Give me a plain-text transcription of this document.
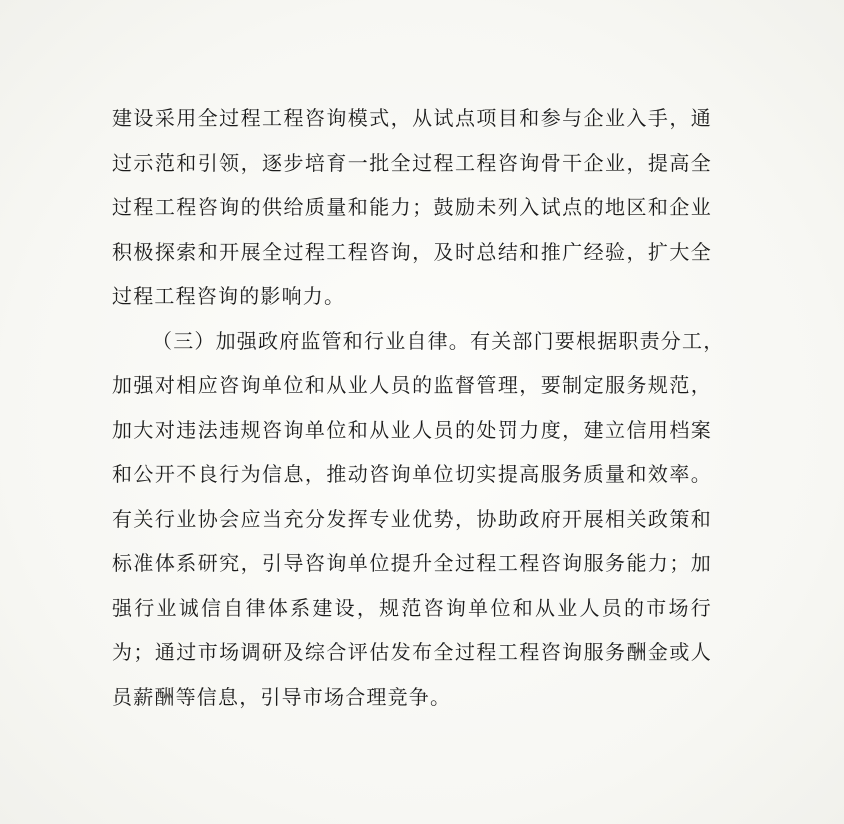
建设采用全过程工程咨询模式，从试点项目和参与企业入手，通
过示范和引领，逐步培育一批全过程工程咨询骨干企业，提高全
过程工程咨询的供给质量和能力；鼓励未列入试点的地区和企业
积极探索和开展全过程工程咨询，及时总结和推广经验，扩大全
过程工程咨询的影响力。
（三）加强政府监管和行业自律。有关部门要根据职责分工，
加强对相应咨询单位和从业人员的监督管理，要制定服务规范，
加大对违法违规咨询单位和从业人员的处罚力度，建立信用档案
和公开不良行为信息，推动咨询单位切实提高服务质量和效率。
有关行业协会应当充分发挥专业优势，协助政府开展相关政策和
标准体系研究，引导咨询单位提升全过程工程咨询服务能力；加
强行业诚信自律体系建设，规范咨询单位和从业人员的市场行
为；通过市场调研及综合评估发布全过程工程咨询服务酬金或人
员薪酬等信息，引导市场合理竞争。
